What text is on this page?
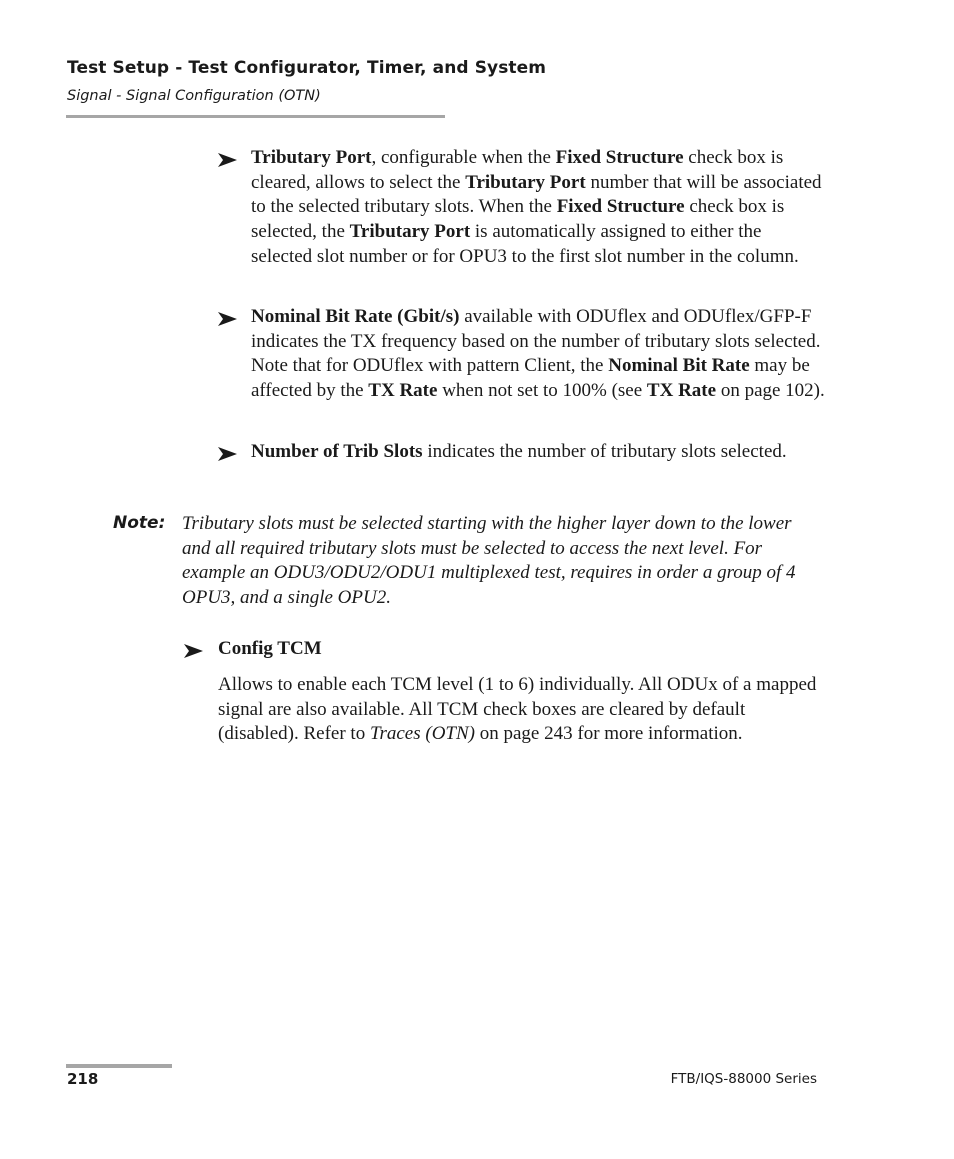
Test Setup - Test Configurator, Timer, and System
Signal - Signal Configuration (OTN)

Tributary Port, configurable when the Fixed Structure check box is cleared, allows to select the Tributary Port number that will be associated to the selected tributary slots. When the Fixed Structure check box is selected, the Tributary Port is automatically assigned to either the selected slot number or for OPU3 to the first slot number in the column.

Nominal Bit Rate (Gbit/s) available with ODUflex and ODUflex/GFP-F indicates the TX frequency based on the number of tributary slots selected. Note that for ODUflex with pattern Client, the Nominal Bit Rate may be affected by the TX Rate when not set to 100% (see TX Rate on page 102).

Number of Trib Slots indicates the number of tributary slots selected.

Note: Tributary slots must be selected starting with the higher layer down to the lower and all required tributary slots must be selected to access the next level. For example an ODU3/ODU2/ODU1 multiplexed test, requires in order a group of 4 OPU3, and a single OPU2.

Config TCM

Allows to enable each TCM level (1 to 6) individually. All ODUx of a mapped signal are also available. All TCM check boxes are cleared by default (disabled). Refer to Traces (OTN) on page 243 for more information.

218	FTB/IQS-88000 Series
